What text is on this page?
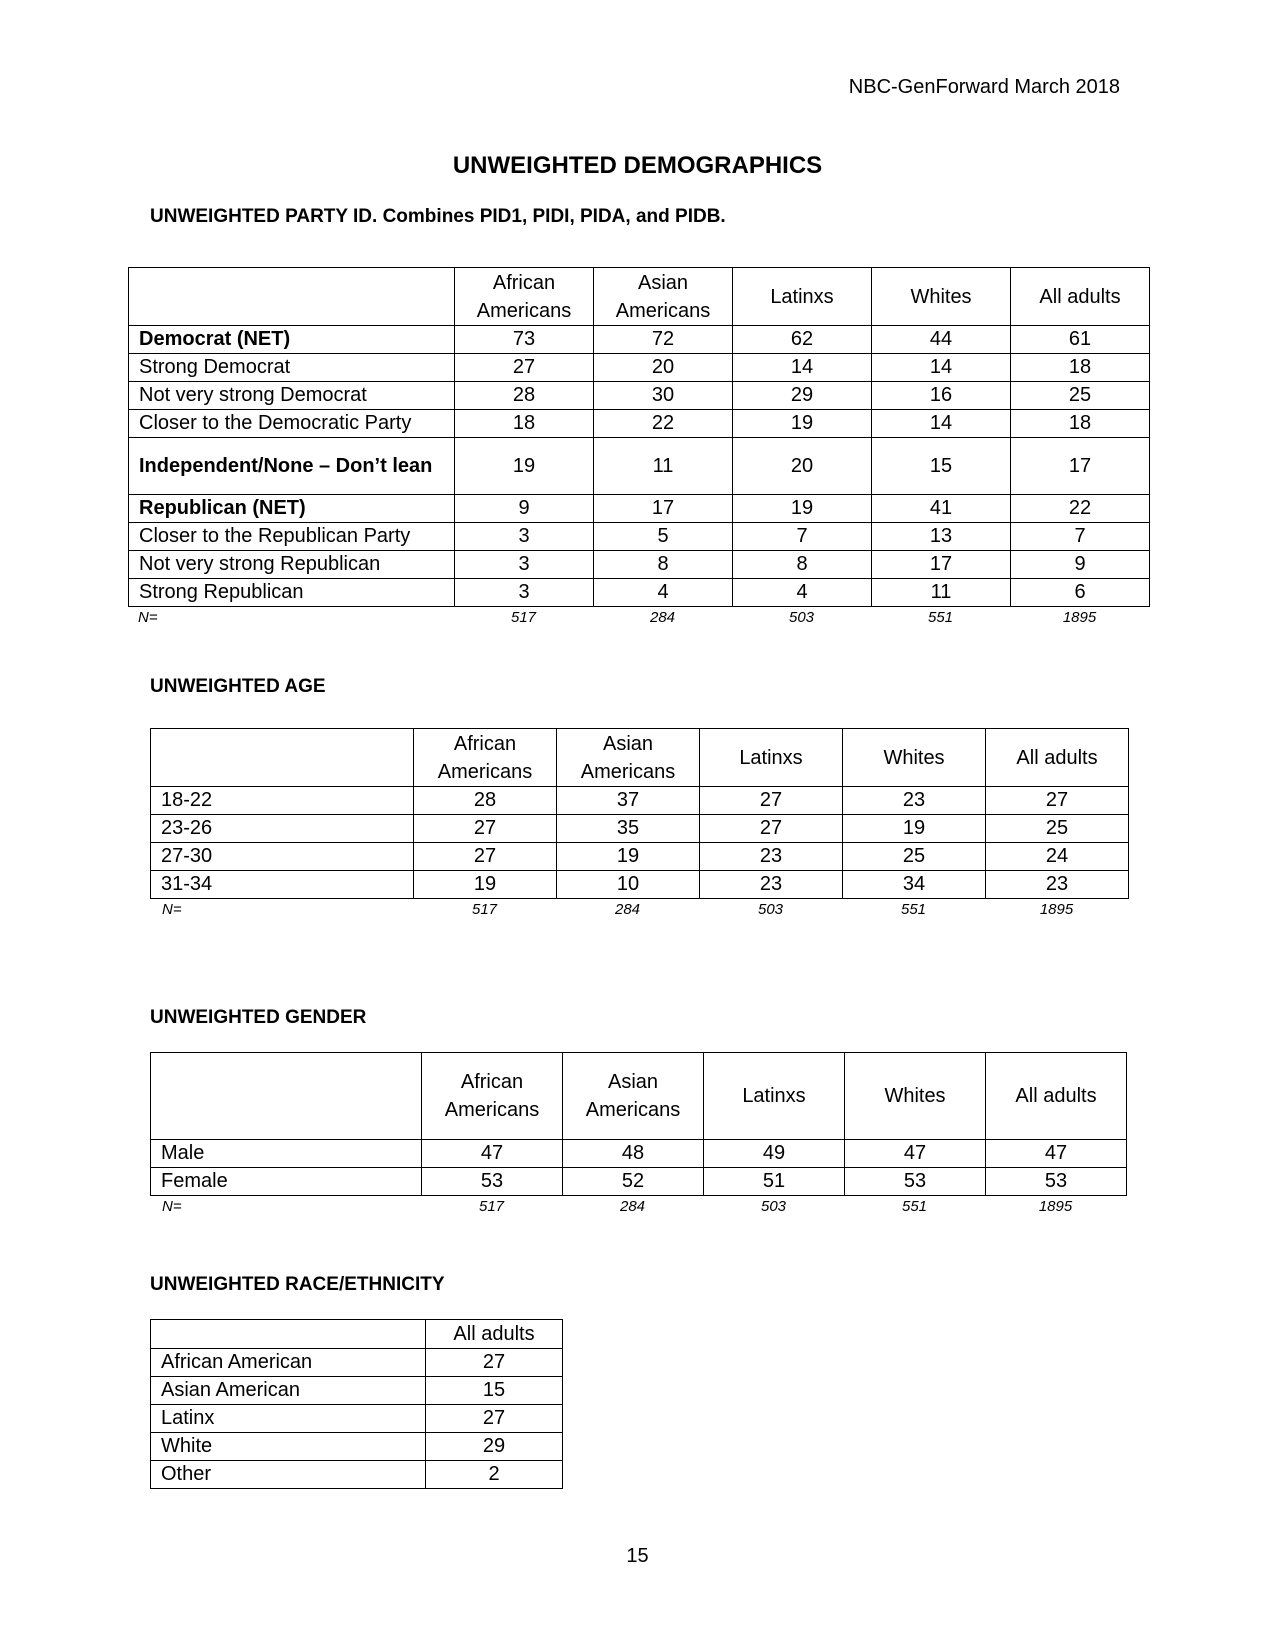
NBC-GenForward March 2018
UNWEIGHTED DEMOGRAPHICS
UNWEIGHTED PARTY ID. Combines PID1, PIDI, PIDA, and PIDB.
	African Americans	Asian Americans	Latinxs	Whites	All adults
Democrat (NET)	73	72	62	44	61
Strong Democrat	27	20	14	14	18
Not very strong Democrat	28	30	29	16	25
Closer to the Democratic Party	18	22	19	14	18
Independent/None – Don’t lean	19	11	20	15	17
Republican (NET)	9	17	19	41	22
Closer to the Republican Party	3	5	7	13	7
Not very strong Republican	3	8	8	17	9
Strong Republican	3	4	4	11	6
N=	517	284	503	551	1895
UNWEIGHTED AGE
	African Americans	Asian Americans	Latinxs	Whites	All adults
18-22	28	37	27	23	27
23-26	27	35	27	19	25
27-30	27	19	23	25	24
31-34	19	10	23	34	23
N=	517	284	503	551	1895
UNWEIGHTED GENDER
	African Americans	Asian Americans	Latinxs	Whites	All adults
Male	47	48	49	47	47
Female	53	52	51	53	53
N=	517	284	503	551	1895
UNWEIGHTED RACE/ETHNICITY
	All adults
African American	27
Asian American	15
Latinx	27
White	29
Other	2
15
